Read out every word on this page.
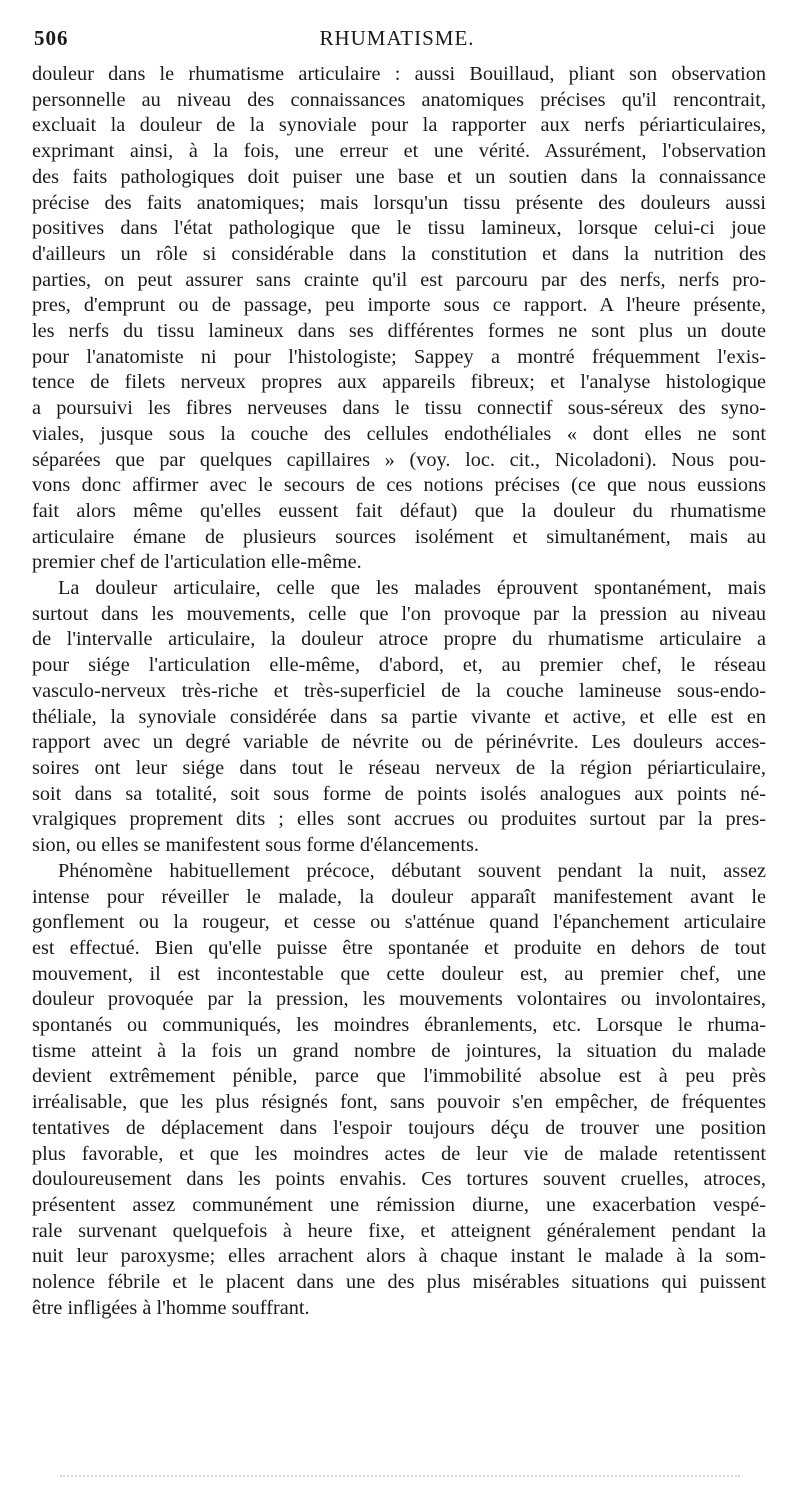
506	RHUMATISME.
douleur dans le rhumatisme articulaire : aussi Bouillaud, pliant son observation
personnelle au niveau des connaissances anatomiques précises qu'il rencontrait,
excluait la douleur de la synoviale pour la rapporter aux nerfs périarticulaires,
exprimant ainsi, à la fois, une erreur et une vérité. Assurément, l'observation
des faits pathologiques doit puiser une base et un soutien dans la connaissance
précise des faits anatomiques; mais lorsqu'un tissu présente des douleurs aussi
positives dans l'état pathologique que le tissu lamineux, lorsque celui-ci joue
d'ailleurs un rôle si considérable dans la constitution et dans la nutrition des
parties, on peut assurer sans crainte qu'il est parcouru par des nerfs, nerfs pro-
pres, d'emprunt ou de passage, peu importe sous ce rapport. A l'heure présente,
les nerfs du tissu lamineux dans ses différentes formes ne sont plus un doute
pour l'anatomiste ni pour l'histologiste; Sappey a montré fréquemment l'exis-
tence de filets nerveux propres aux appareils fibreux; et l'analyse histologique
a poursuivi les fibres nerveuses dans le tissu connectif sous-séreux des syno-
viales, jusque sous la couche des cellules endothéliales « dont elles ne sont
séparées que par quelques capillaires » (voy. loc. cit., Nicoladoni). Nous pou-
vons donc affirmer avec le secours de ces notions précises (ce que nous eussions
fait alors même qu'elles eussent fait défaut) que la douleur du rhumatisme
articulaire émane de plusieurs sources isolément et simultanément, mais au
premier chef de l'articulation elle-même.
La douleur articulaire, celle que les malades éprouvent spontanément, mais
surtout dans les mouvements, celle que l'on provoque par la pression au niveau
de l'intervalle articulaire, la douleur atroce propre du rhumatisme articulaire a
pour siége l'articulation elle-même, d'abord, et, au premier chef, le réseau
vasculo-nerveux très-riche et très-superficiel de la couche lamineuse sous-endo-
théliale, la synoviale considérée dans sa partie vivante et active, et elle est en
rapport avec un degré variable de névrite ou de périnévrite. Les douleurs acces-
soires ont leur siége dans tout le réseau nerveux de la région périarticulaire,
soit dans sa totalité, soit sous forme de points isolés analogues aux points né-
vralgiques proprement dits ; elles sont accrues ou produites surtout par la pres-
sion, ou elles se manifestent sous forme d'élancements.
Phénomène habituellement précoce, débutant souvent pendant la nuit, assez
intense pour réveiller le malade, la douleur apparaît manifestement avant le
gonflement ou la rougeur, et cesse ou s'atténue quand l'épanchement articulaire
est effectué. Bien qu'elle puisse être spontanée et produite en dehors de tout
mouvement, il est incontestable que cette douleur est, au premier chef, une
douleur provoquée par la pression, les mouvements volontaires ou involontaires,
spontanés ou communiqués, les moindres ébranlements, etc. Lorsque le rhuma-
tisme atteint à la fois un grand nombre de jointures, la situation du malade
devient extrêmement pénible, parce que l'immobilité absolue est à peu près
irréalisable, que les plus résignés font, sans pouvoir s'en empêcher, de fréquentes
tentatives de déplacement dans l'espoir toujours déçu de trouver une position
plus favorable, et que les moindres actes de leur vie de malade retentissent
douloureusement dans les points envahis. Ces tortures souvent cruelles, atroces,
présentent assez communément une rémission diurne, une exacerbation vespé-
rale survenant quelquefois à heure fixe, et atteignent généralement pendant la
nuit leur paroxysme; elles arrachent alors à chaque instant le malade à la som-
nolence fébrile et le placent dans une des plus misérables situations qui puissent
être infligées à l'homme souffrant.
